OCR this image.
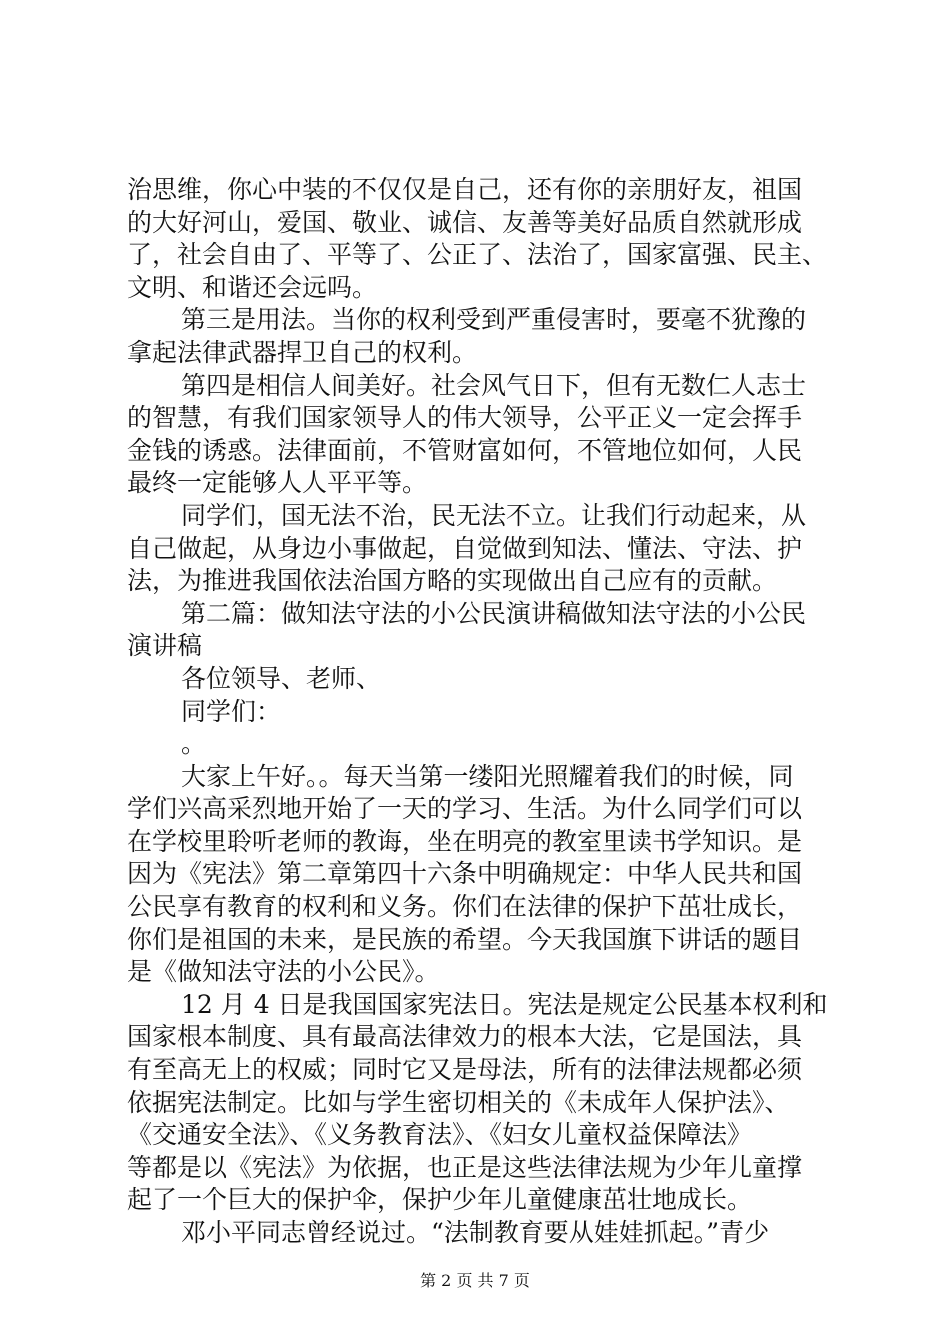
治思维，你心中装的不仅仅是自己，还有你的亲朋好友，祖国
的大好河山，爱国、敬业、诚信、友善等美好品质自然就形成
了，社会自由了、平等了、公正了、法治了，国家富强、民主、
文明、和谐还会远吗。
第三是用法。当你的权利受到严重侵害时，要毫不犹豫的
拿起法律武器捍卫自己的权利。
第四是相信人间美好。社会风气日下，但有无数仁人志士
的智慧，有我们国家领导人的伟大领导，公平正义一定会挥手
金钱的诱惑。法律面前，不管财富如何，不管地位如何，人民
最终一定能够人人平平等。
同学们，国无法不治，民无法不立。让我们行动起来，从
自己做起，从身边小事做起，自觉做到知法、懂法、守法、护
法，为推进我国依法治国方略的实现做出自己应有的贡献。
第二篇：做知法守法的小公民演讲稿做知法守法的小公民
演讲稿
各位领导、老师、
同学们：
。
大家上午好。。每天当第一缕阳光照耀着我们的时候，同
学们兴高采烈地开始了一天的学习、生活。为什么同学们可以
在学校里聆听老师的教诲，坐在明亮的教室里读书学知识。是
因为《宪法》第二章第四十六条中明确规定：中华人民共和国
公民享有教育的权利和义务。你们在法律的保护下茁壮成长，
你们是祖国的未来，是民族的希望。今天我国旗下讲话的题目
是《做知法守法的小公民》。
12 月 4 日是我国国家宪法日。宪法是规定公民基本权利和
国家根本制度、具有最高法律效力的根本大法，它是国法，具
有至高无上的权威；同时它又是母法，所有的法律法规都必须
依据宪法制定。比如与学生密切相关的《未成年人保护法》、
《交通安全法》、《义务教育法》、《妇女儿童权益保障法》
等都是以《宪法》为依据，也正是这些法律法规为少年儿童撑
起了一个巨大的保护伞，保护少年儿童健康茁壮地成长。
邓小平同志曾经说过。“法制教育要从娃娃抓起。”青少
第 2 页 共 7 页
